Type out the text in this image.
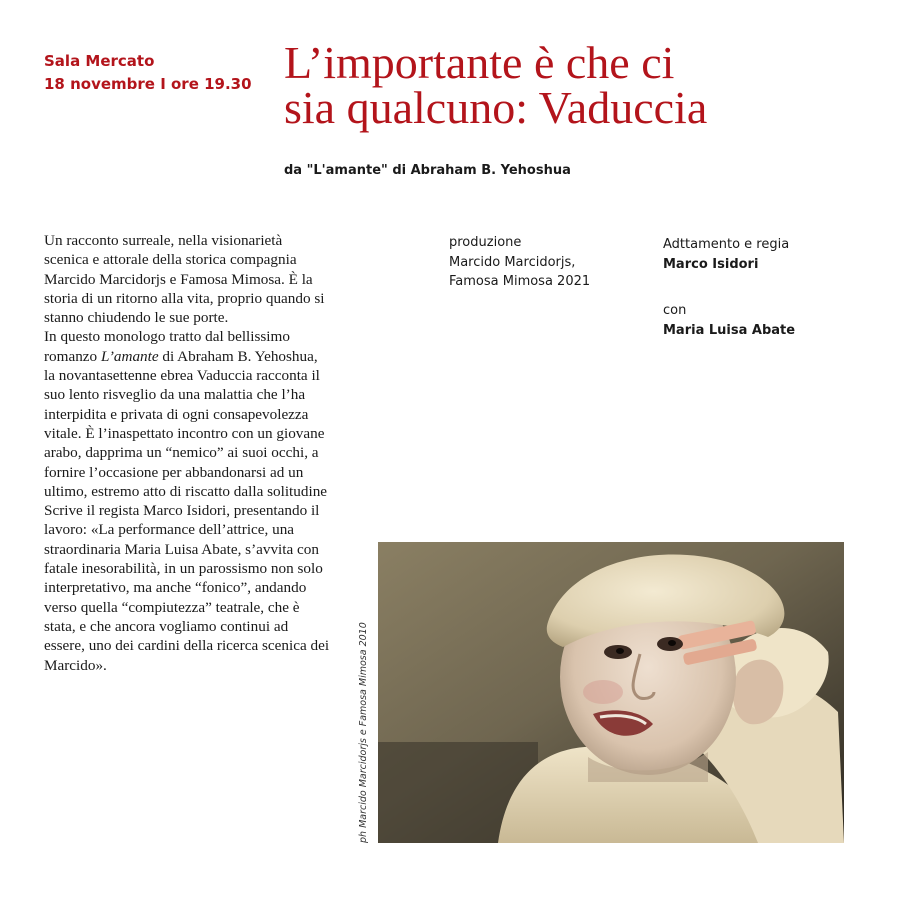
Sala Mercato
18 novembre I ore 19.30 L’importante è che ci
sia qualcuno: Vaduccia
da "L'amante" di Abraham B. Yehoshua

Un racconto surreale, nella visionarietà scenica e attorale della storica compagnia Marcido Marcidorjs e Famosa Mimosa. È la storia di un ritorno alla vita, proprio quando si stanno chiudendo le sue porte.

In questo monologo tratto dal bellissimo romanzo L’amante di Abraham B. Yehoshua, la novantasettenne ebrea Vaduccia racconta il suo lento risveglio da una malattia che l’ha interpidita e privata di ogni consapevolezza vitale. È l’inaspettato incontro con un giovane arabo, dapprima un “nemico” ai suoi occhi, a fornire l’occasione per abbandonarsi ad un ultimo, estremo atto di riscatto dalla solitudine

Scrive il regista Marco Isidori, presentando il lavoro: «La performance dell’attrice, una straordinaria Maria Luisa Abate, s’avvita con fatale inesorabilità, in un parossismo non solo interpretativo, ma anche “fonico”, andando verso quella “compiutezza” teatrale, che è stata, e che ancora vogliamo continui ad essere, uno dei cardini della ricerca scenica dei Marcido».

produzione
Marcido Marcidorjs,
Famosa Mimosa 2021
Adttamento e regia
Marco Isidori
con
Maria Luisa Abate
ph Marcido Marcidorjs e Famosa Mimosa 2010
